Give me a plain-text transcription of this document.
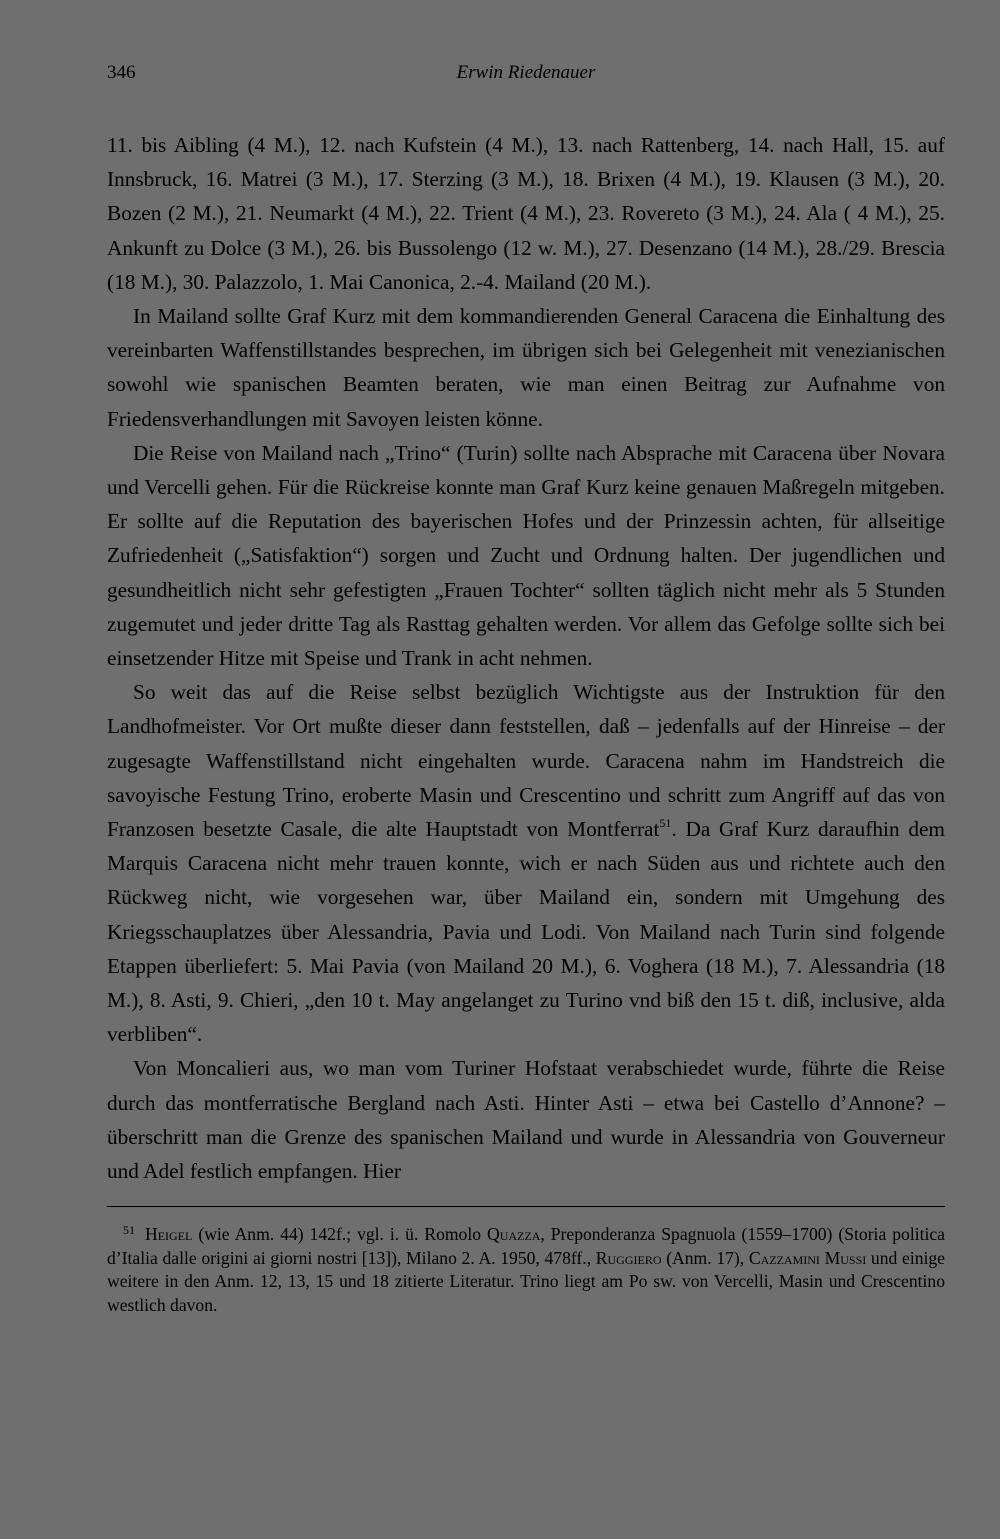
346	Erwin Riedenauer

11. bis Aibling (4 M.), 12. nach Kufstein (4 M.), 13. nach Rattenberg, 14. nach Hall, 15. auf Innsbruck, 16. Matrei (3 M.), 17. Sterzing (3 M.), 18. Brixen (4 M.), 19. Klausen (3 M.), 20. Bozen (2 M.), 21. Neumarkt (4 M.), 22. Trient (4 M.), 23. Rovereto (3 M.), 24. Ala ( 4 M.), 25. Ankunft zu Dolce (3 M.), 26. bis Bussolengo (12 w. M.), 27. Desenzano (14 M.), 28./29. Brescia (18 M.), 30. Palazzolo, 1. Mai Canonica, 2.-4. Mailand (20 M.).

In Mailand sollte Graf Kurz mit dem kommandierenden General Caracena die Einhaltung des vereinbarten Waffenstillstandes besprechen, im übrigen sich bei Gelegenheit mit venezianischen sowohl wie spanischen Beamten beraten, wie man einen Beitrag zur Aufnahme von Friedensverhandlungen mit Savoyen leisten könne.

Die Reise von Mailand nach „Trino“ (Turin) sollte nach Absprache mit Caracena über Novara und Vercelli gehen. Für die Rückreise konnte man Graf Kurz keine genauen Maßregeln mitgeben. Er sollte auf die Reputation des bayerischen Hofes und der Prinzessin achten, für allseitige Zufriedenheit („Satisfaktion“) sorgen und Zucht und Ordnung halten. Der jugendlichen und gesundheitlich nicht sehr gefestigten „Frauen Tochter“ sollten täglich nicht mehr als 5 Stunden zugemutet und jeder dritte Tag als Rasttag gehalten werden. Vor allem das Gefolge sollte sich bei einsetzender Hitze mit Speise und Trank in acht nehmen.

So weit das auf die Reise selbst bezüglich Wichtigste aus der Instruktion für den Landhofmeister. Vor Ort mußte dieser dann feststellen, daß – jedenfalls auf der Hinreise – der zugesagte Waffenstillstand nicht eingehalten wurde. Caracena nahm im Handstreich die savoyische Festung Trino, eroberte Masin und Crescentino und schritt zum Angriff auf das von Franzosen besetzte Casale, die alte Hauptstadt von Montferrat$^{51}$. Da Graf Kurz daraufhin dem Marquis Caracena nicht mehr trauen konnte, wich er nach Süden aus und richtete auch den Rückweg nicht, wie vorgesehen war, über Mailand ein, sondern mit Umgehung des Kriegsschauplatzes über Alessandria, Pavia und Lodi. Von Mailand nach Turin sind folgende Etappen überliefert: 5. Mai Pavia (von Mailand 20 M.), 6. Voghera (18 M.), 7. Alessandria (18 M.), 8. Asti, 9. Chieri, „den 10 t. May angelanget zu Turino vnd biß den 15 t. diß, inclusive, alda verbliben“.

Von Moncalieri aus, wo man vom Turiner Hofstaat verabschiedet wurde, führte die Reise durch das montferratische Bergland nach Asti. Hinter Asti – etwa bei Castello d’Annone? – überschritt man die Grenze des spanischen Mailand und wurde in Alessandria von Gouverneur und Adel festlich empfangen. Hier

$^{51}$ Heigel (wie Anm. 44) 142f.; vgl. i. ü. Romolo Quazza, Preponderanza Spagnuola (1559–1700) (Storia politica d’Italia dalle origini ai giorni nostri [13]), Milano 2. A. 1950, 478ff., Ruggiero (Anm. 17), Cazzamini Mussi und einige weitere in den Anm. 12, 13, 15 und 18 zitierte Literatur. Trino liegt am Po sw. von Vercelli, Masin und Crescentino westlich davon.
